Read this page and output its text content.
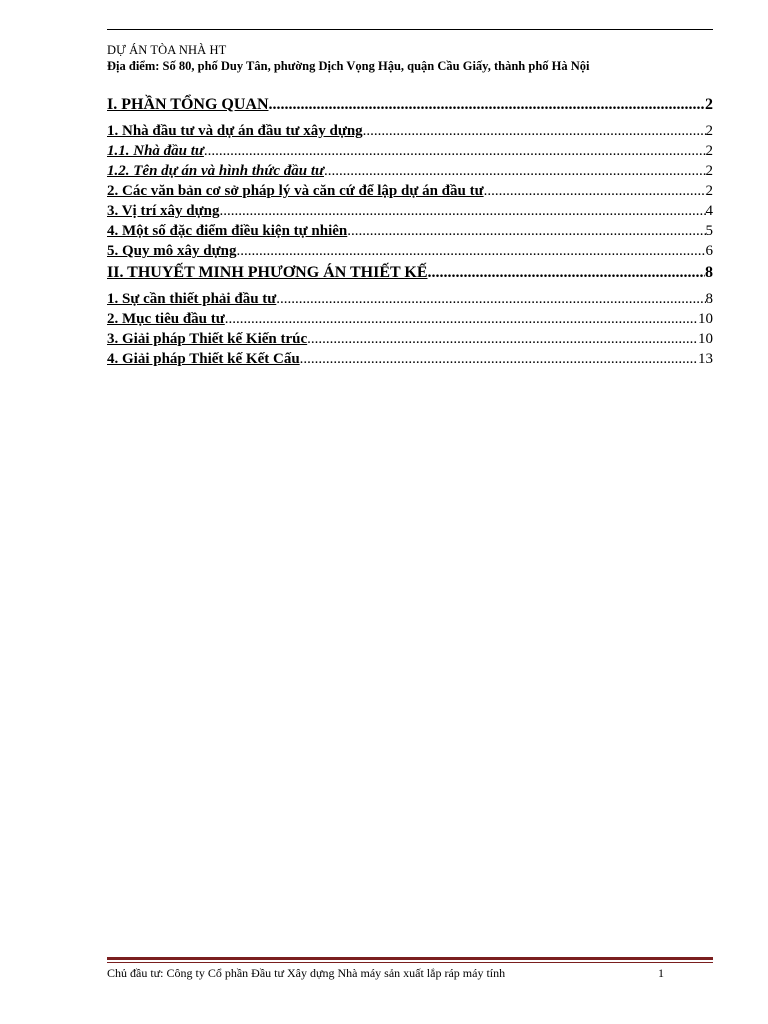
DỰ ÁN TÒA NHÀ HT
Địa điểm: Số 80, phố Duy Tân, phường Dịch Vọng Hậu, quận Cầu Giấy, thành phố Hà Nội
I. PHẦN TỔNG QUAN .....	2
1. Nhà đầu tư và dự án đầu tư xây dựng .....	2
1.1. Nhà đầu tư .....	2
1.2. Tên dự án và hình thức đầu tư .....	2
2. Các văn bản cơ sở pháp lý và căn cứ để lập dự án đầu tư .....	2
3. Vị trí xây dựng .....	4
4. Một số đặc điểm điều kiện tự nhiên .....	5
5. Quy mô xây dựng .....	6
II. THUYẾT MINH PHƯƠNG ÁN THIẾT KẾ .....	8
1. Sự cần thiết phải đầu tư .....	8
2. Mục tiêu đầu tư .....	10
3. Giải pháp Thiết kế Kiến trúc .....	10
4. Giải pháp Thiết kế Kết Cấu .....	13
Chủ đầu tư: Công ty Cổ phần Đầu tư Xây dựng Nhà máy sản xuất lắp ráp máy tính	1
